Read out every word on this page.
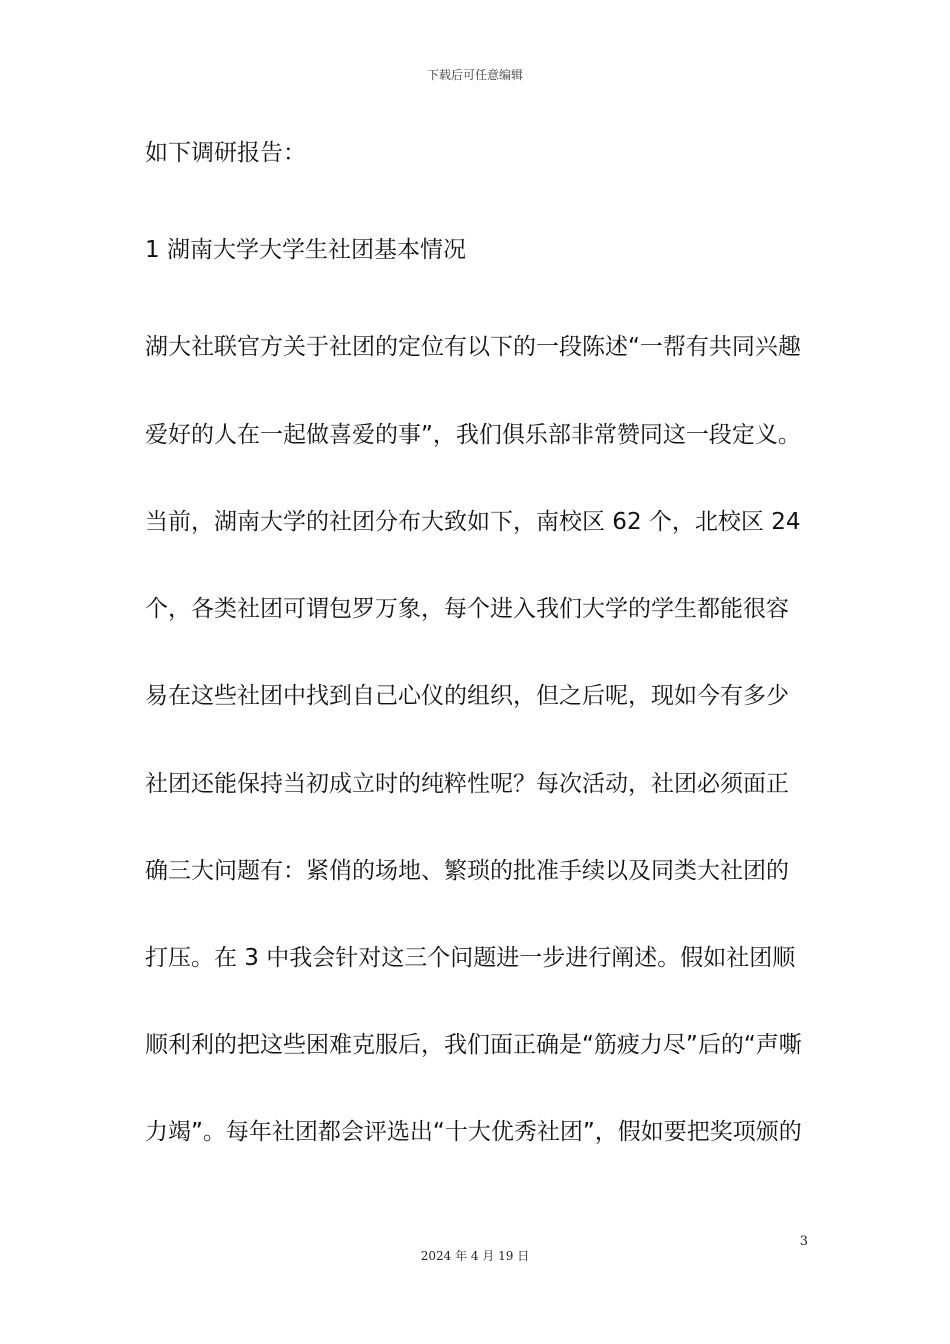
下载后可任意编辑
如下调研报告：
1 湖南大学大学生社团基本情况
湖大社联官方关于社团的定位有以下的一段陈述“一帮有共同兴趣
爱好的人在一起做喜爱的事”，我们俱乐部非常赞同这一段定义。
当前，湖南大学的社团分布大致如下，南校区 62 个，北校区 24
个，各类社团可谓包罗万象，每个进入我们大学的学生都能很容
易在这些社团中找到自己心仪的组织，但之后呢，现如今有多少
社团还能保持当初成立时的纯粹性呢？每次活动，社团必须面正
确三大问题有：紧俏的场地、繁琐的批准手续以及同类大社团的
打压。在 3 中我会针对这三个问题进一步进行阐述。假如社团顺
顺利利的把这些困难克服后，我们面正确是“筋疲力尽”后的“声嘶
力竭”。每年社团都会评选出“十大优秀社团”，假如要把奖项颁的
3
2024 年 4 月 19 日
